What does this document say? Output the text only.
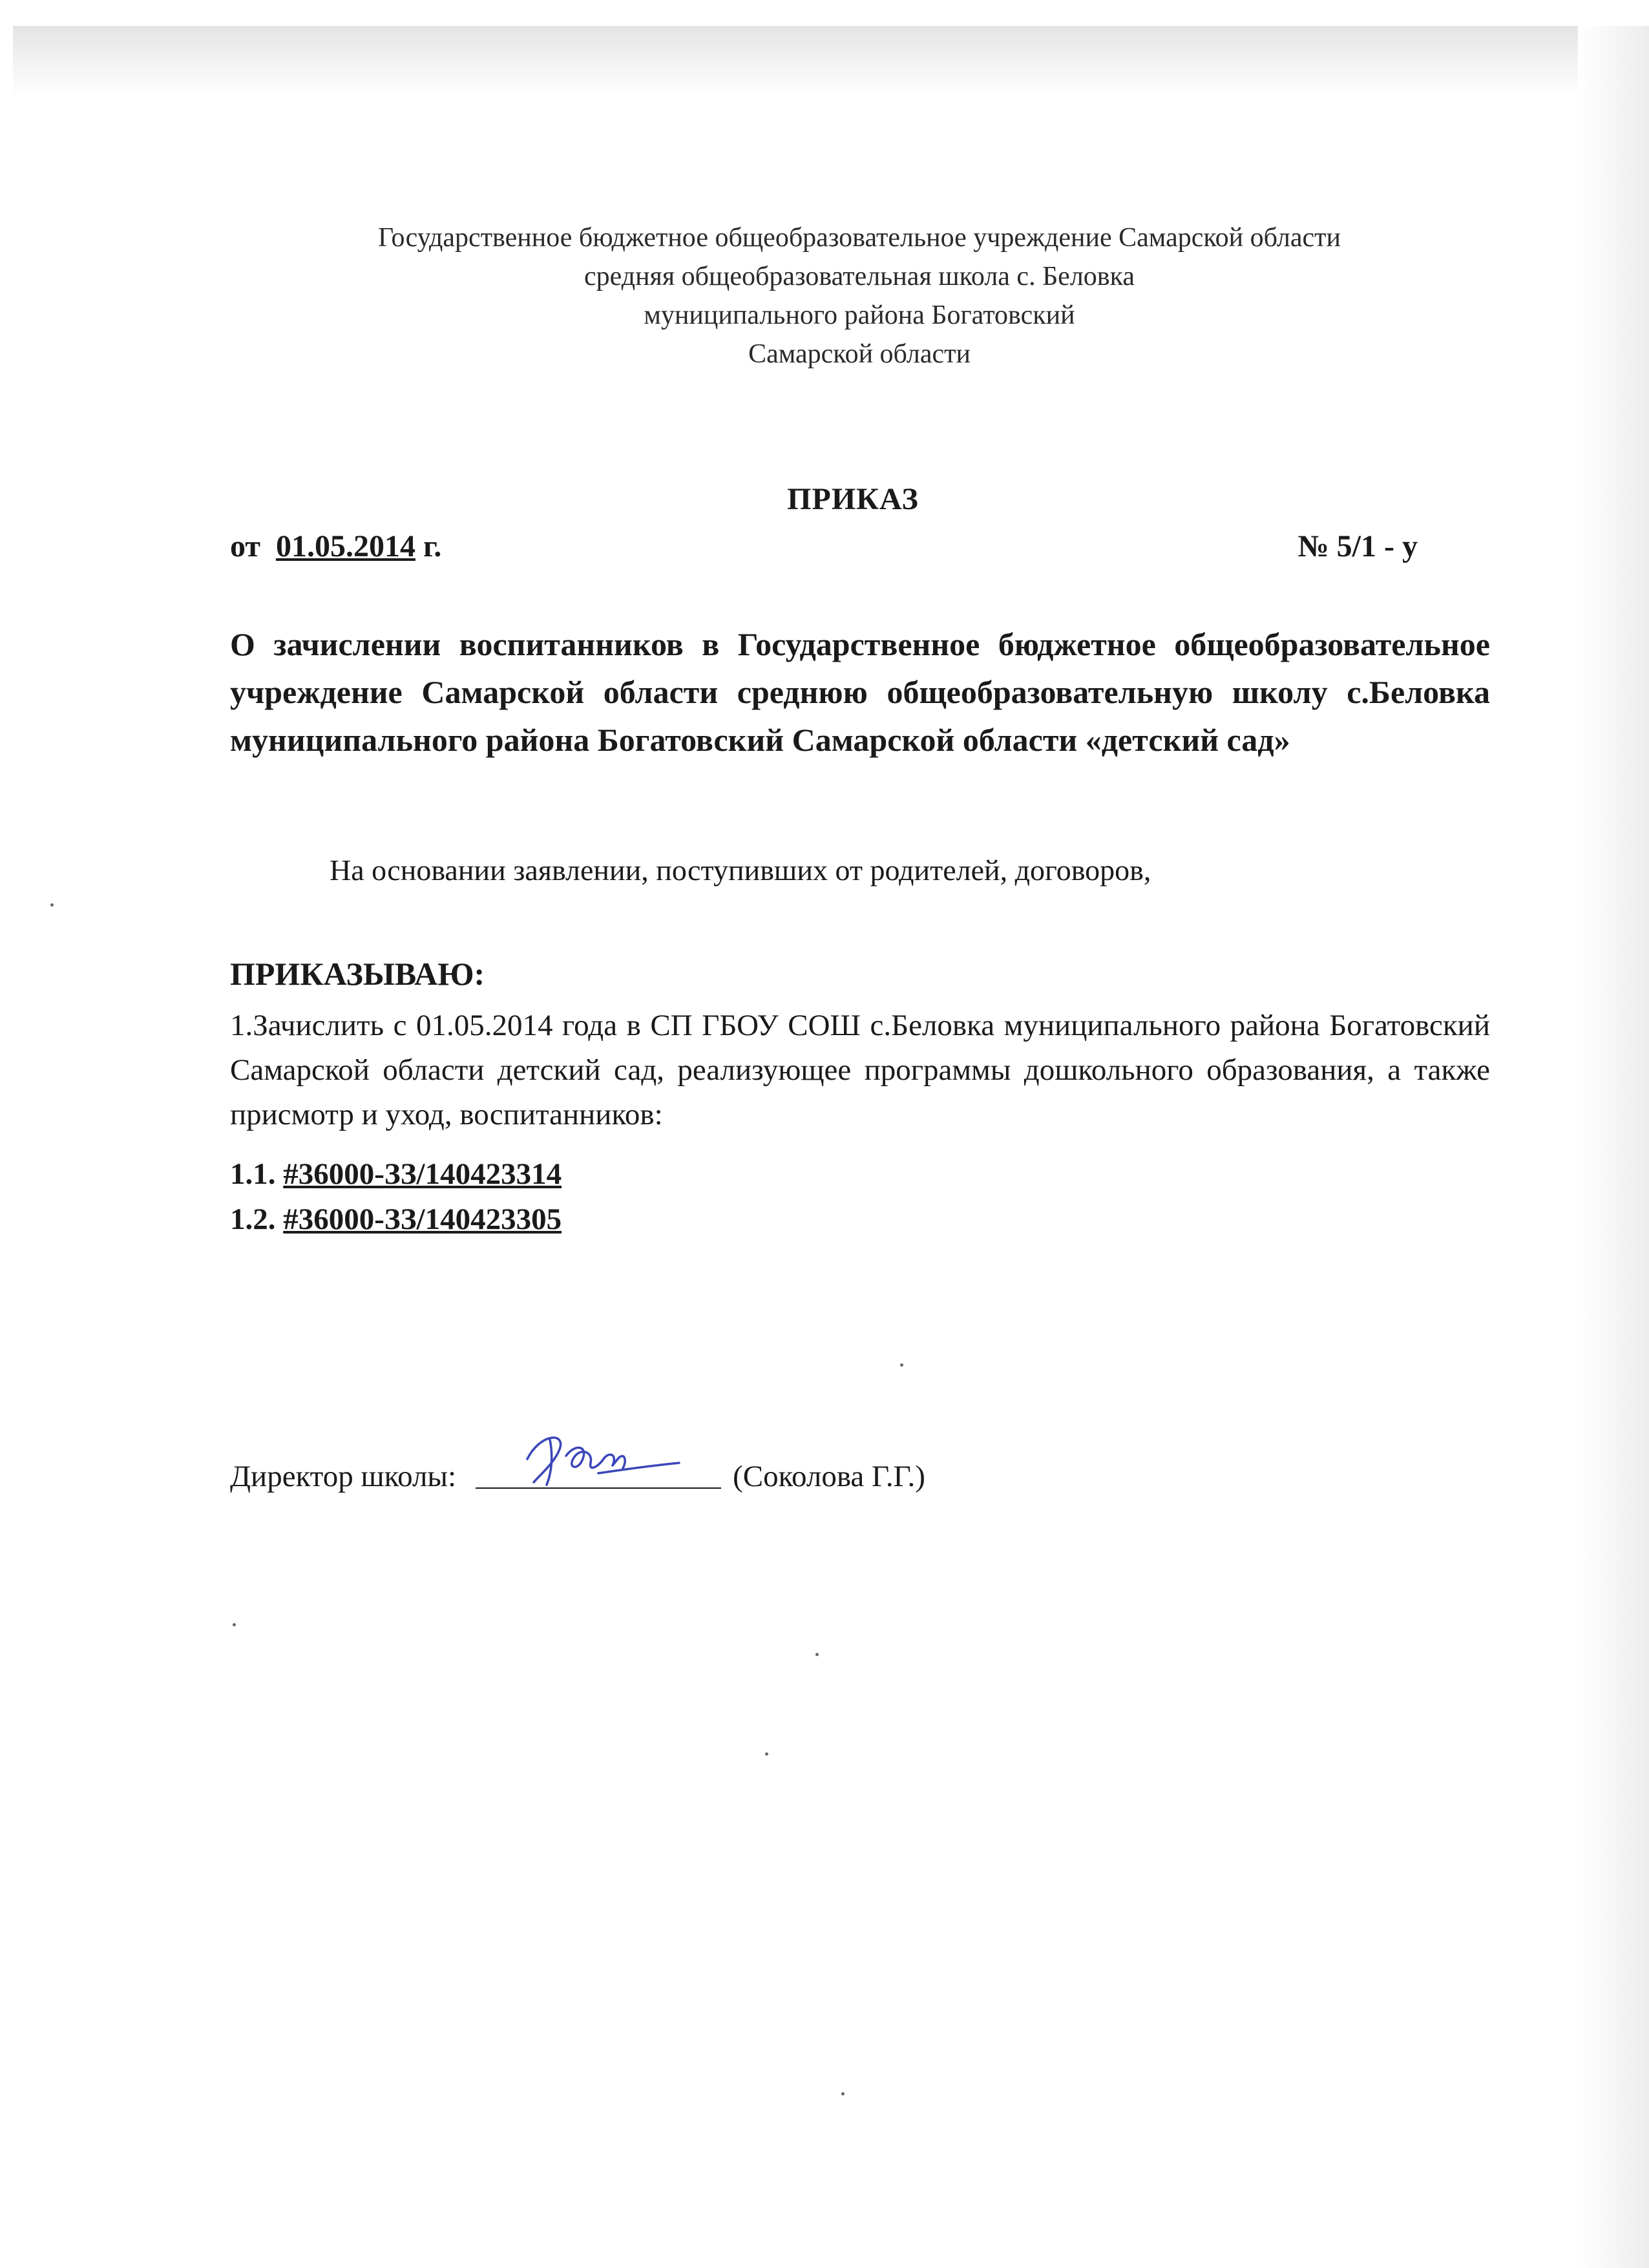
Государственное бюджетное общеобразовательное учреждение Самарской области
средняя общеобразовательная школа с. Беловка
муниципального района Богатовский
Самарской области
ПРИКАЗ
от 01.05.2014 г.	№ 5/1 - у
О зачислении воспитанников в Государственное бюджетное общеобразовательное учреждение Самарской области среднюю общеобразовательную школу с.Беловка муниципального района Богатовский Самарской области «детский сад»
На основании заявлении, поступивших от родителей, договоров,
ПРИКАЗЫВАЮ:
1.Зачислить с 01.05.2014 года в СП ГБОУ СОШ с.Беловка муниципального района Богатовский Самарской области детский сад, реализующее программы дошкольного образования, а также присмотр и уход, воспитанников:
1.1. #36000-ЗЗ/140423314
1.2. #36000-ЗЗ/140423305
Директор школы:	(Соколова Г.Г.)
